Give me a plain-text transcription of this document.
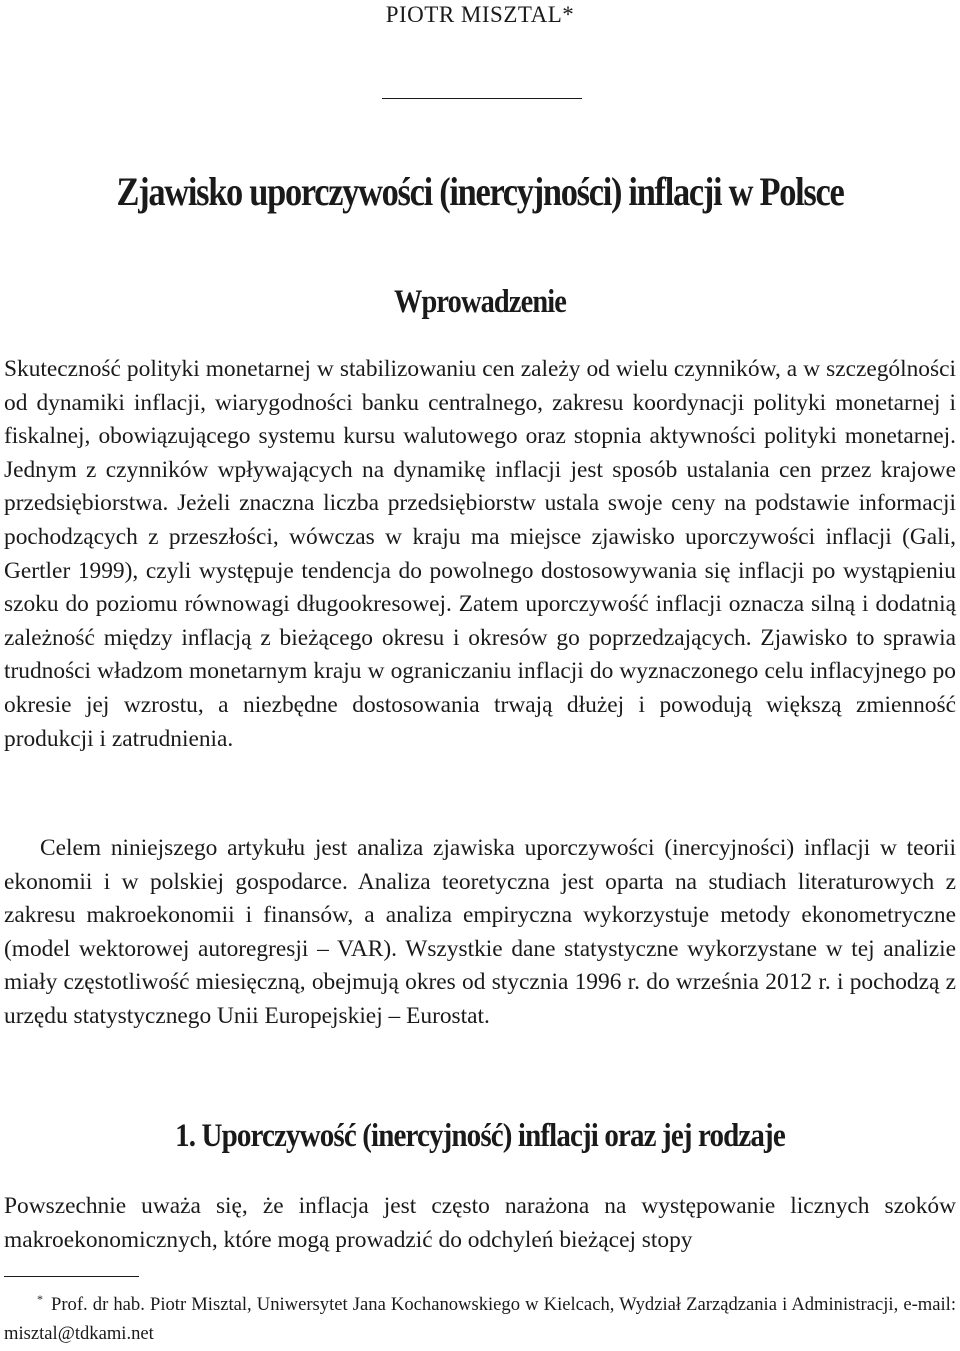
PIOTR MISZTAL*
Zjawisko uporczywości (inercyjności) inflacji w Polsce
Wprowadzenie

Skuteczność polityki monetarnej w stabilizowaniu cen zależy od wielu czynników, a w szczególności od dynamiki inflacji, wiarygodności banku centralnego, zakresu koordynacji polityki monetarnej i fiskalnej, obowiązującego systemu kursu walutowego oraz stopnia aktywności polityki monetarnej. Jednym z czynników wpływających na dynamikę inflacji jest sposób ustalania cen przez krajowe przedsiębiorstwa. Jeżeli znaczna liczba przedsiębiorstw ustala swoje ceny na podstawie informacji pochodzących z przeszłości, wówczas w kraju ma miejsce zjawisko uporczywości inflacji (Gali, Gertler 1999), czyli występuje tendencja do powolnego dostosowywania się inflacji po wystąpieniu szoku do poziomu równowagi długookresowej. Zatem uporczywość inflacji oznacza silną i dodatnią zależność między inflacją z bieżącego okresu i okresów go poprzedzających. Zjawisko to sprawia trudności władzom monetarnym kraju w ograniczaniu inflacji do wyznaczonego celu inflacyjnego po okresie jej wzrostu, a niezbędne dostosowania trwają dłużej i powodują większą zmienność produkcji i zatrudnienia.

Celem niniejszego artykułu jest analiza zjawiska uporczywości (inercyjności) inflacji w teorii ekonomii i w polskiej gospodarce. Analiza teoretyczna jest oparta na studiach literaturowych z zakresu makroekonomii i finansów, a analiza empiryczna wykorzystuje metody ekonometryczne (model wektorowej autoregresji – VAR). Wszystkie dane statystyczne wykorzystane w tej analizie miały częstotliwość miesięczną, obejmują okres od stycznia 1996 r. do września 2012 r. i pochodzą z urzędu statystycznego Unii Europejskiej – Eurostat.

1. Uporczywość (inercyjność) inflacji oraz jej rodzaje

Powszechnie uważa się, że inflacja jest często narażona na występowanie licznych szoków makroekonomicznych, które mogą prowadzić do odchyleń bieżącej stopy

* Prof. dr hab. Piotr Misztal, Uniwersytet Jana Kochanowskiego w Kielcach, Wydział Zarządzania i Administracji, e-mail: misztal@tdkami.net
